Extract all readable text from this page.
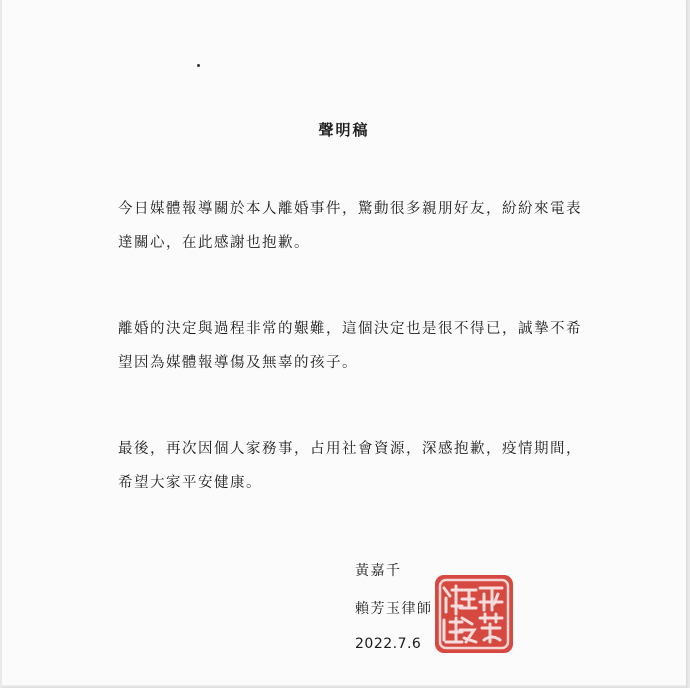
聲明稿

今日媒體報導關於本人離婚事件，驚動很多親朋好友，紛紛來電表達關心，在此感謝也抱歉。

離婚的決定與過程非常的艱難，這個決定也是很不得已，誠摯不希望因為媒體報導傷及無辜的孩子。

最後，再次因個人家務事，占用社會資源，深感抱歉，疫情期間，希望大家平安健康。

黃嘉千
賴芳玉律師
2022.7.6
